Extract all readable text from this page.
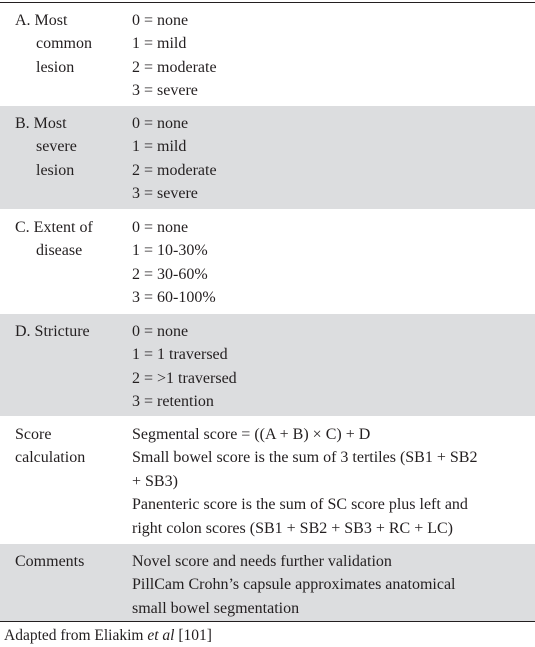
A. Most
common
lesion
0 = none
1 = mild
2 = moderate
3 = severe
B. Most
severe
lesion
0 = none
1 = mild
2 = moderate
3 = severe
C. Extent of
disease
0 = none
1 = 10-30%
2 = 30-60%
3 = 60-100%
D. Stricture	0 = none
1 = 1 traversed
2 = >1 traversed
3 = retention
Score
calculation
Segmental score = ((A + B) × C) + D
Small bowel score is the sum of 3 tertiles (SB1 + SB2
+ SB3)
Panenteric score is the sum of SC score plus left and
right colon scores (SB1 + SB2 + SB3 + RC + LC)
Comments	Novel score and needs further validation
PillCam Crohn’s capsule approximates anatomical
small bowel segmentation
Adapted from Eliakim et al [101]
